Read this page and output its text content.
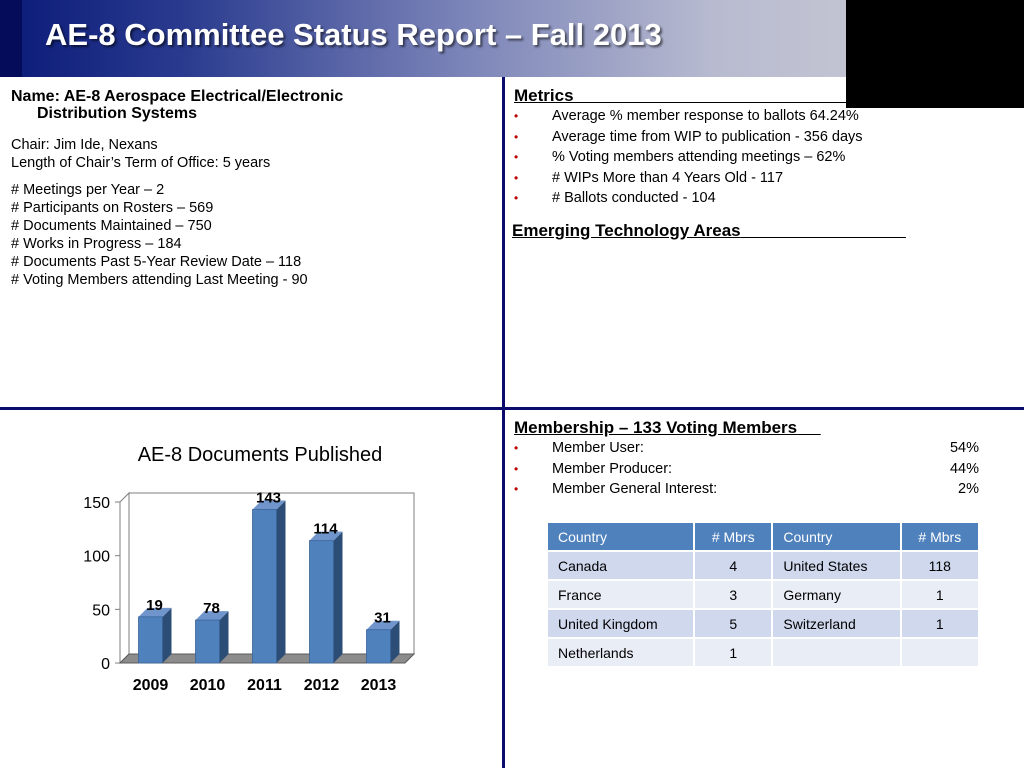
AE-8 Committee Status Report – Fall 2013
Name: AE-8 Aerospace Electrical/Electronic
Distribution Systems
Chair: Jim Ide, Nexans
Length of Chair’s Term of Office: 5 years
# Meetings per Year – 2
# Participants on Rosters – 569
# Documents Maintained – 750
# Works in Progress – 184
# Documents Past 5-Year Review Date – 118
# Voting Members attending Last Meeting - 90
Metrics
• Average % member response to ballots 64.24%
• Average time from WIP to publication - 356 days
• % Voting members attending meetings – 62%
• # WIPs More than 4 Years Old - 117
• # Ballots conducted - 104
Emerging Technology Areas
Membership – 133 Voting Members
• Member User:	54%
• Member Producer:	44%
• Member General Interest:	2%
Country	# Mbrs	Country	# Mbrs
Canada	4	United States	118
France	3	Germany	1
United Kingdom	5	Switzerland	1
Netherlands	1		
AE-8 Documents Published
0
50
100
150
19
2009
78
2010
143
2011
114
2012
31
2013
